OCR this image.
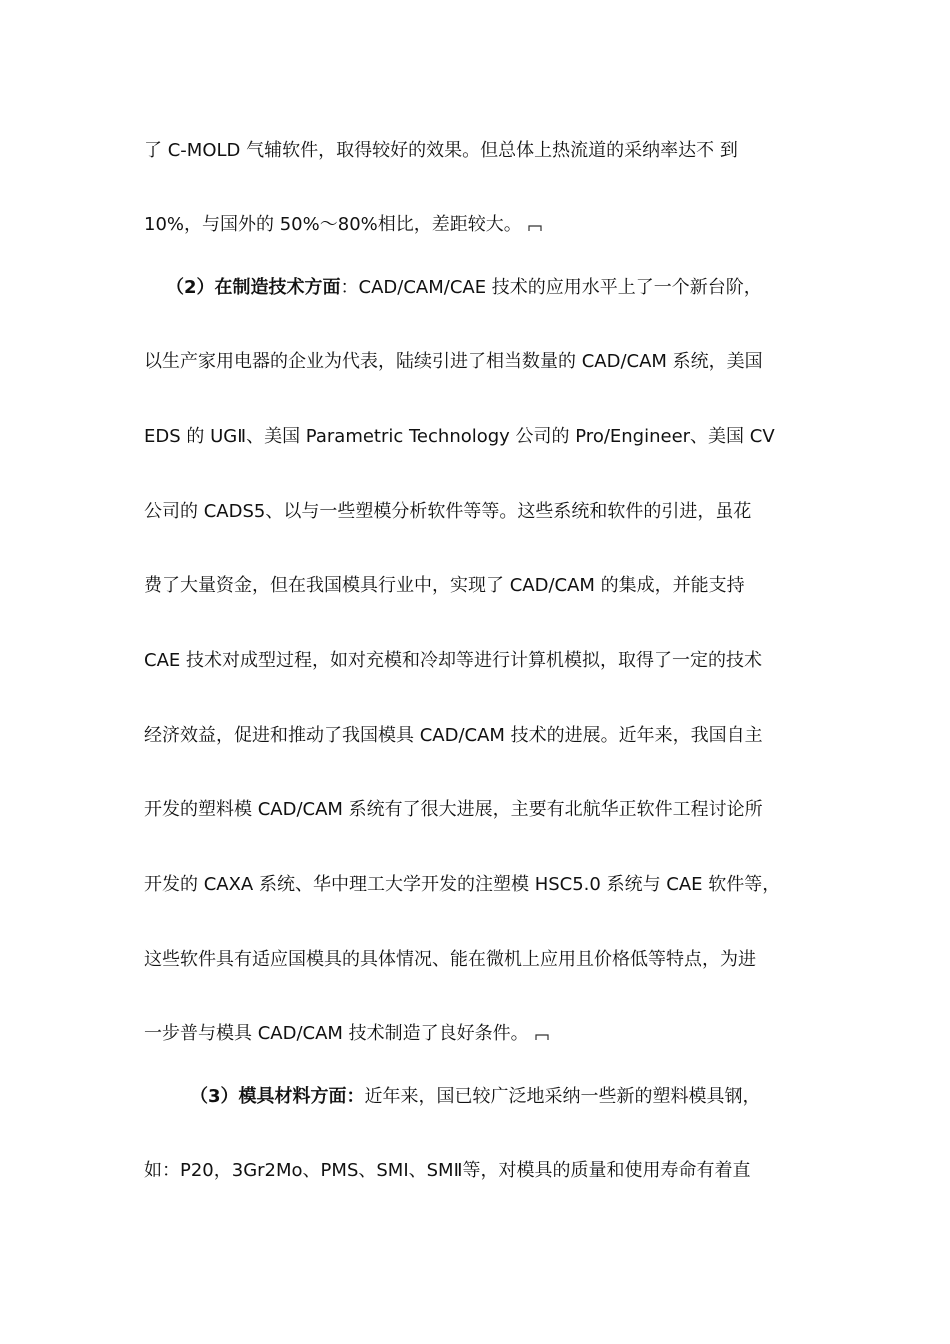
了 C-MOLD 气辅软件，取得较好的效果。但总体上热流道的采纳率达不 到
10%，与国外的 50%～80%相比，差距较大。
（2）在制造技术方面：CAD/CAM/CAE 技术的应用水平上了一个新台阶，
以生产家用电器的企业为代表，陆续引进了相当数量的 CAD/CAM 系统，美国
EDS 的 UGⅡ、美国 Parametric Technology 公司的 Pro/Engineer、美国 CV
公司的 CADS5、以与一些塑模分析软件等等。这些系统和软件的引进，虽花
费了大量资金，但在我国模具行业中，实现了 CAD/CAM 的集成，并能支持
CAE 技术对成型过程，如对充模和冷却等进行计算机模拟，取得了一定的技术
经济效益，促进和推动了我国模具 CAD/CAM 技术的进展。近年来，我国自主
开发的塑料模 CAD/CAM 系统有了很大进展，主要有北航华正软件工程讨论所
开发的 CAXA 系统、华中理工大学开发的注塑模 HSC5.0 系统与 CAE 软件等，
这些软件具有适应国模具的具体情况、能在微机上应用且价格低等特点，为进
一步普与模具 CAD/CAM 技术制造了良好条件。
（3）模具材料方面：近年来，国已较广泛地采纳一些新的塑料模具钢，
如：P20，3Gr2Mo、PMS、SMI、SMⅡ等，对模具的质量和使用寿命有着直
